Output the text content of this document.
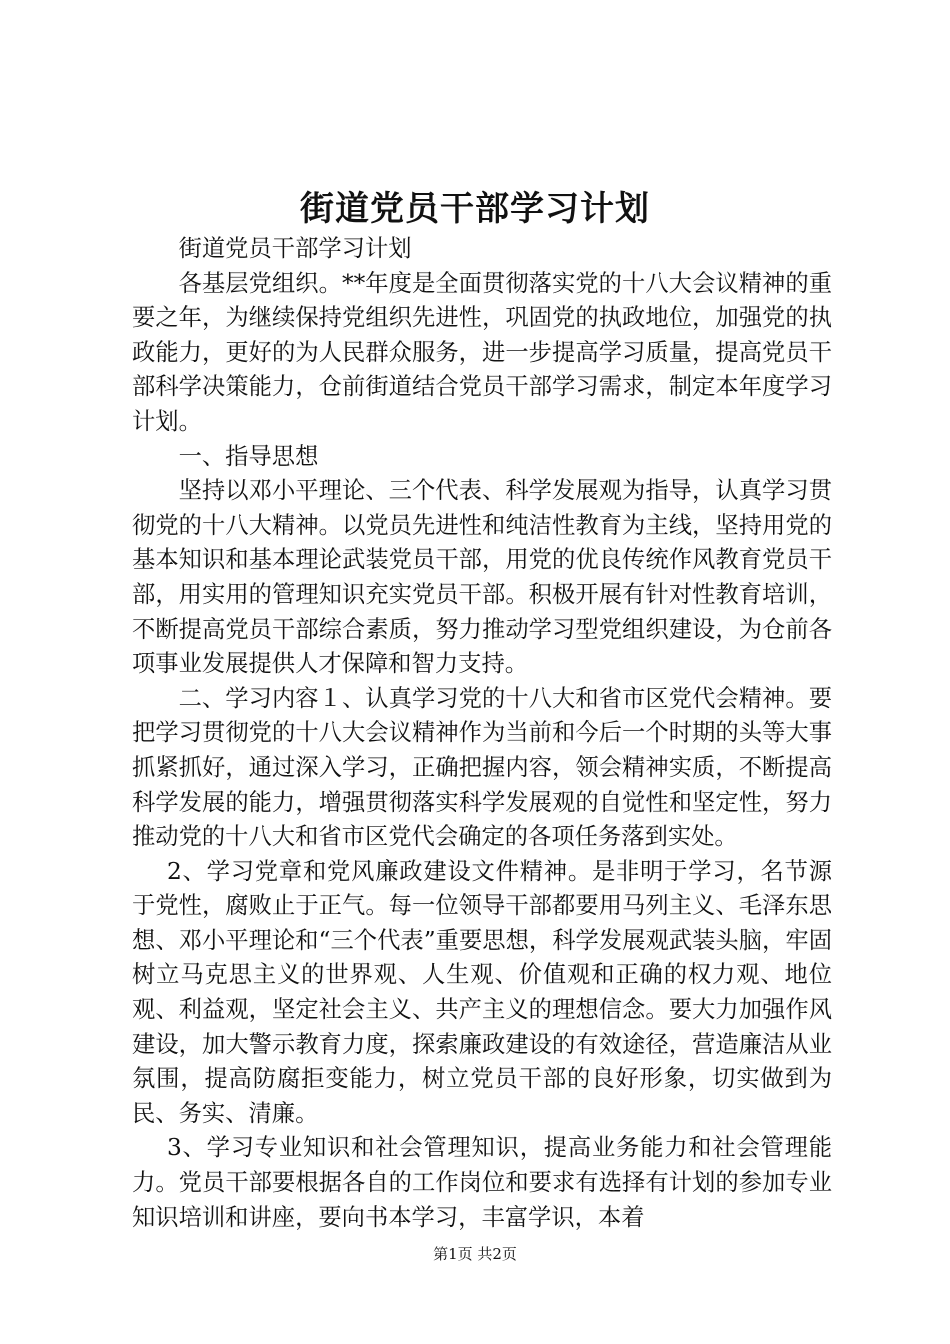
街道党员干部学习计划

街道党员干部学习计划

各基层党组织。**年度是全面贯彻落实党的十八大会议精神的重要之年，为继续保持党组织先进性，巩固党的执政地位，加强党的执政能力，更好的为人民群众服务，进一步提高学习质量，提高党员干部科学决策能力，仓前街道结合党员干部学习需求，制定本年度学习计划。

一、指导思想

坚持以邓小平理论、三个代表、科学发展观为指导，认真学习贯彻党的十八大精神。以党员先进性和纯洁性教育为主线，坚持用党的基本知识和基本理论武装党员干部，用党的优良传统作风教育党员干部，用实用的管理知识充实党员干部。积极开展有针对性教育培训，不断提高党员干部综合素质，努力推动学习型党组织建设，为仓前各项事业发展提供人才保障和智力支持。

二、学习内容１、认真学习党的十八大和省市区党代会精神。要把学习贯彻党的十八大会议精神作为当前和今后一个时期的头等大事抓紧抓好，通过深入学习，正确把握内容，领会精神实质，不断提高科学发展的能力，增强贯彻落实科学发展观的自觉性和坚定性，努力推动党的十八大和省市区党代会确定的各项任务落到实处。

2、学习党章和党风廉政建设文件精神。是非明于学习，名节源于党性，腐败止于正气。每一位领导干部都要用马列主义、毛泽东思想、邓小平理论和“三个代表”重要思想，科学发展观武装头脑，牢固树立马克思主义的世界观、人生观、价值观和正确的权力观、地位观、利益观，坚定社会主义、共产主义的理想信念。要大力加强作风建设，加大警示教育力度，探索廉政建设的有效途径，营造廉洁从业氛围，提高防腐拒变能力，树立党员干部的良好形象，切实做到为民、务实、清廉。

3、学习专业知识和社会管理知识，提高业务能力和社会管理能力。党员干部要根据各自的工作岗位和要求有选择有计划的参加专业知识培训和讲座，要向书本学习，丰富学识，本着

第1页 共2页
